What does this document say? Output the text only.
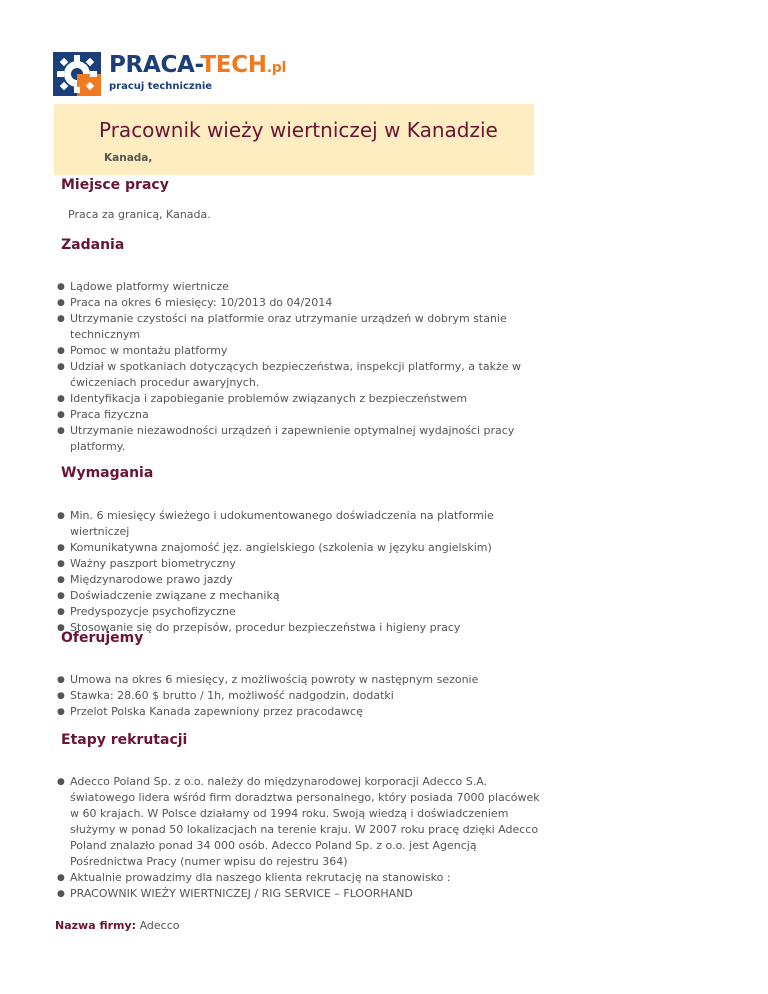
PRACA-TECH.pl
pracuj technicznie
Pracownik wieży wiertniczej w Kanadzie
Kanada,
Miejsce pracy
Praca za granicą, Kanada.
Zadania
● Lądowe platformy wiertnicze
● Praca na okres 6 miesięcy: 10/2013 do 04/2014
● Utrzymanie czystości na platformie oraz utrzymanie urządzeń w dobrym stanie technicznym
● Pomoc w montażu platformy
● Udział w spotkaniach dotyczących bezpieczeństwa, inspekcji platformy, a także w ćwiczeniach procedur awaryjnych.
● Identyfikacja i zapobieganie problemów związanych z bezpieczeństwem
● Praca fizyczna
● Utrzymanie niezawodności urządzeń i zapewnienie optymalnej wydajności pracy platformy.
Wymagania
● Min. 6 miesięcy świeżego i udokumentowanego doświadczenia na platformie wiertniczej
● Komunikatywna znajomość jęz. angielskiego (szkolenia w języku angielskim)
● Ważny paszport biometryczny
● Międzynarodowe prawo jazdy
● Doświadczenie związane z mechaniką
● Predyspozycje psychofizyczne
● Stosowanie się do przepisów, procedur bezpieczeństwa i higieny pracy
Oferujemy
● Umowa na okres 6 miesięcy, z możliwością powroty w następnym sezonie
● Stawka: 28.60 $ brutto / 1h, możliwość nadgodzin, dodatki
● Przelot Polska Kanada zapewniony przez pracodawcę
Etapy rekrutacji
● Adecco Poland Sp. z o.o. należy do międzynarodowej korporacji Adecco S.A. światowego lidera wśród firm doradztwa personalnego, który posiada 7000 placówek w 60 krajach. W Polsce działamy od 1994 roku. Swoją wiedzą i doświadczeniem służymy w ponad 50 lokalizacjach na terenie kraju. W 2007 roku pracę dzięki Adecco Poland znalazło ponad 34 000 osób. Adecco Poland Sp. z o.o. jest Agencją Pośrednictwa Pracy (numer wpisu do rejestru 364)
● Aktualnie prowadzimy dla naszego klienta rekrutację na stanowisko :
● PRACOWNIK WIEŻY WIERTNICZEJ / RIG SERVICE – FLOORHAND
Nazwa firmy: Adecco
